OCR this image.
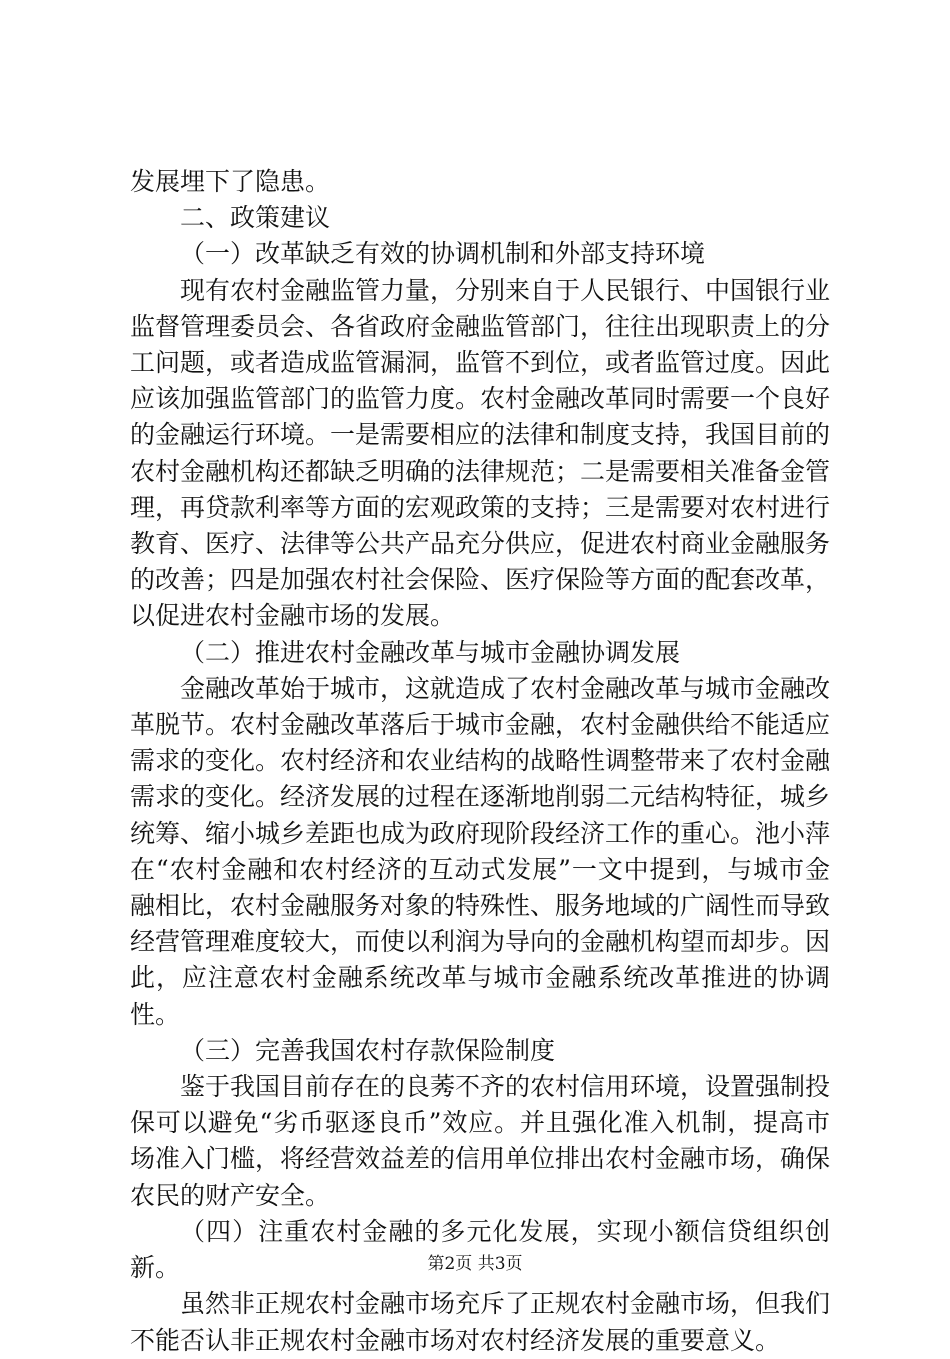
发展埋下了隐患。

二、政策建议

（一）改革缺乏有效的协调机制和外部支持环境

现有农村金融监管力量，分别来自于人民银行、中国银行业监督管理委员会、各省政府金融监管部门，往往出现职责上的分工问题，或者造成监管漏洞，监管不到位，或者监管过度。因此应该加强监管部门的监管力度。农村金融改革同时需要一个良好的金融运行环境。一是需要相应的法律和制度支持，我国目前的农村金融机构还都缺乏明确的法律规范；二是需要相关准备金管理，再贷款利率等方面的宏观政策的支持；三是需要对农村进行教育、医疗、法律等公共产品充分供应，促进农村商业金融服务的改善；四是加强农村社会保险、医疗保险等方面的配套改革，以促进农村金融市场的发展。

（二）推进农村金融改革与城市金融协调发展

金融改革始于城市，这就造成了农村金融改革与城市金融改革脱节。农村金融改革落后于城市金融，农村金融供给不能适应需求的变化。农村经济和农业结构的战略性调整带来了农村金融需求的变化。经济发展的过程在逐渐地削弱二元结构特征，城乡统筹、缩小城乡差距也成为政府现阶段经济工作的重心。池小萍在“农村金融和农村经济的互动式发展”一文中提到，与城市金融相比，农村金融服务对象的特殊性、服务地域的广阔性而导致经营管理难度较大，而使以利润为导向的金融机构望而却步。因此，应注意农村金融系统改革与城市金融系统改革推进的协调性。

（三）完善我国农村存款保险制度

鉴于我国目前存在的良莠不齐的农村信用环境，设置强制投保可以避免“劣币驱逐良币”效应。并且强化准入机制，提高市场准入门槛，将经营效益差的信用单位排出农村金融市场，确保农民的财产安全。

（四）注重农村金融的多元化发展，实现小额信贷组织创新。

虽然非正规农村金融市场充斥了正规农村金融市场，但我们不能否认非正规农村金融市场对农村经济发展的重要意义。

第2页 共3页
